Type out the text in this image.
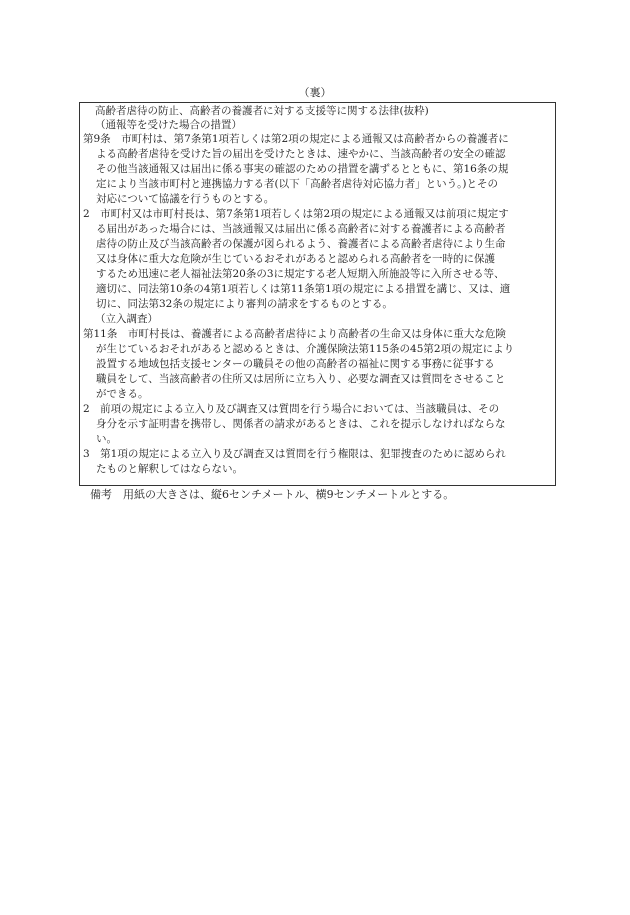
（裏）
高齢者虐待の防止、高齢者の養護者に対する支援等に関する法律(抜粋)
（通報等を受けた場合の措置）
第9条　市町村は、第7条第1項若しくは第2項の規定による通報又は高齢者からの養護者に
よる高齢者虐待を受けた旨の届出を受けたときは、速やかに、当該高齢者の安全の確認
その他当該通報又は届出に係る事実の確認のための措置を講ずるとともに、第16条の規
定により当該市町村と連携協力する者(以下「高齢者虐待対応協力者」という。)とその
対応について協議を行うものとする。
2　市町村又は市町村長は、第7条第1項若しくは第2項の規定による通報又は前項に規定す
る届出があった場合には、当該通報又は届出に係る高齢者に対する養護者による高齢者
虐待の防止及び当該高齢者の保護が図られるよう、養護者による高齢者虐待により生命
又は身体に重大な危険が生じているおそれがあると認められる高齢者を一時的に保護
するため迅速に老人福祉法第20条の3に規定する老人短期入所施設等に入所させる等、
適切に、同法第10条の4第1項若しくは第11条第1項の規定による措置を講じ、又は、適
切に、同法第32条の規定により審判の請求をするものとする。
（立入調査）
第11条　市町村長は、養護者による高齢者虐待により高齢者の生命又は身体に重大な危険
が生じているおそれがあると認めるときは、介護保険法第115条の45第2項の規定により
設置する地域包括支援センターの職員その他の高齢者の福祉に関する事務に従事する
職員をして、当該高齢者の住所又は居所に立ち入り、必要な調査又は質問をさせること
ができる。
2　前項の規定による立入り及び調査又は質問を行う場合においては、当該職員は、その
身分を示す証明書を携帯し、関係者の請求があるときは、これを提示しなければならな
い。
3　第1項の規定による立入り及び調査又は質問を行う権限は、犯罪捜査のために認められ
たものと解釈してはならない。
備考　用紙の大きさは、縦6センチメートル、横9センチメートルとする。
